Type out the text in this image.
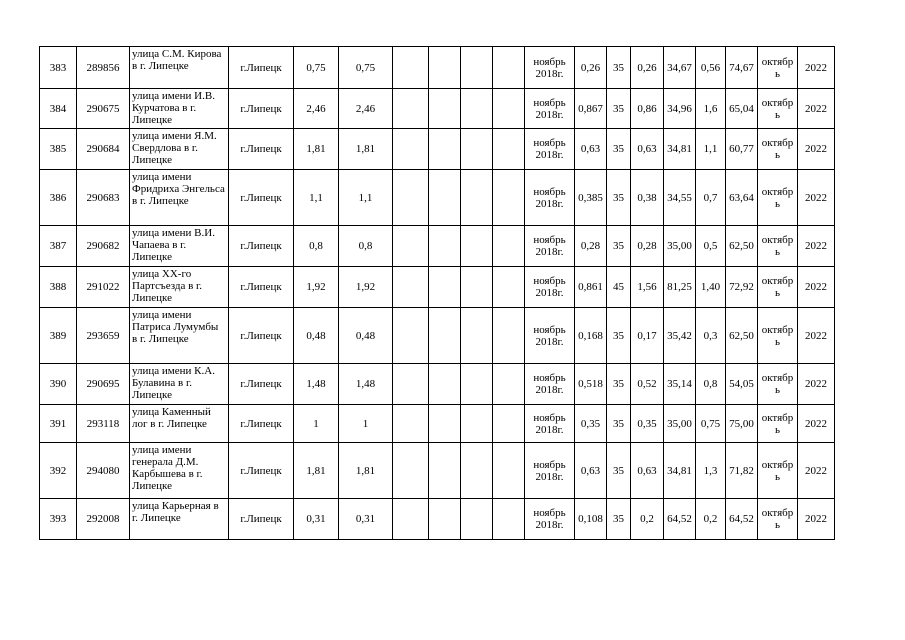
383	289856	улица С.М. Кирова в г. Липецке	г.Липецк	0,75	0,75					ноябрь 2018г.	0,26	35	0,26	34,67	0,56	74,67	октябрь	2022
384	290675	улица имени И.В. Курчатова в г. Липецке	г.Липецк	2,46	2,46					ноябрь 2018г.	0,867	35	0,86	34,96	1,6	65,04	октябрь	2022
385	290684	улица имени Я.М. Свердлова в г. Липецке	г.Липецк	1,81	1,81					ноябрь 2018г.	0,63	35	0,63	34,81	1,1	60,77	октябрь	2022
386	290683	улица имени Фридриха Энгельса в г. Липецке	г.Липецк	1,1	1,1					ноябрь 2018г.	0,385	35	0,38	34,55	0,7	63,64	октябрь	2022
387	290682	улица имени В.И. Чапаева в г. Липецке	г.Липецк	0,8	0,8					ноябрь 2018г.	0,28	35	0,28	35,00	0,5	62,50	октябрь	2022
388	291022	улица XX-го Партсъезда в г. Липецке	г.Липецк	1,92	1,92					ноябрь 2018г.	0,861	45	1,56	81,25	1,40	72,92	октябрь	2022
389	293659	улица имени Патриса Лумумбы в г. Липецке	г.Липецк	0,48	0,48					ноябрь 2018г.	0,168	35	0,17	35,42	0,3	62,50	октябрь	2022
390	290695	улица имени К.А. Булавина в г. Липецке	г.Липецк	1,48	1,48					ноябрь 2018г.	0,518	35	0,52	35,14	0,8	54,05	октябрь	2022
391	293118	улица Каменный лог в г. Липецке	г.Липецк	1	1					ноябрь 2018г.	0,35	35	0,35	35,00	0,75	75,00	октябрь	2022
392	294080	улица имени генерала Д.М. Карбышева в г. Липецке	г.Липецк	1,81	1,81					ноябрь 2018г.	0,63	35	0,63	34,81	1,3	71,82	октябрь	2022
393	292008	улица Карьерная в г. Липецке	г.Липецк	0,31	0,31					ноябрь 2018г.	0,108	35	0,2	64,52	0,2	64,52	октябрь	2022
